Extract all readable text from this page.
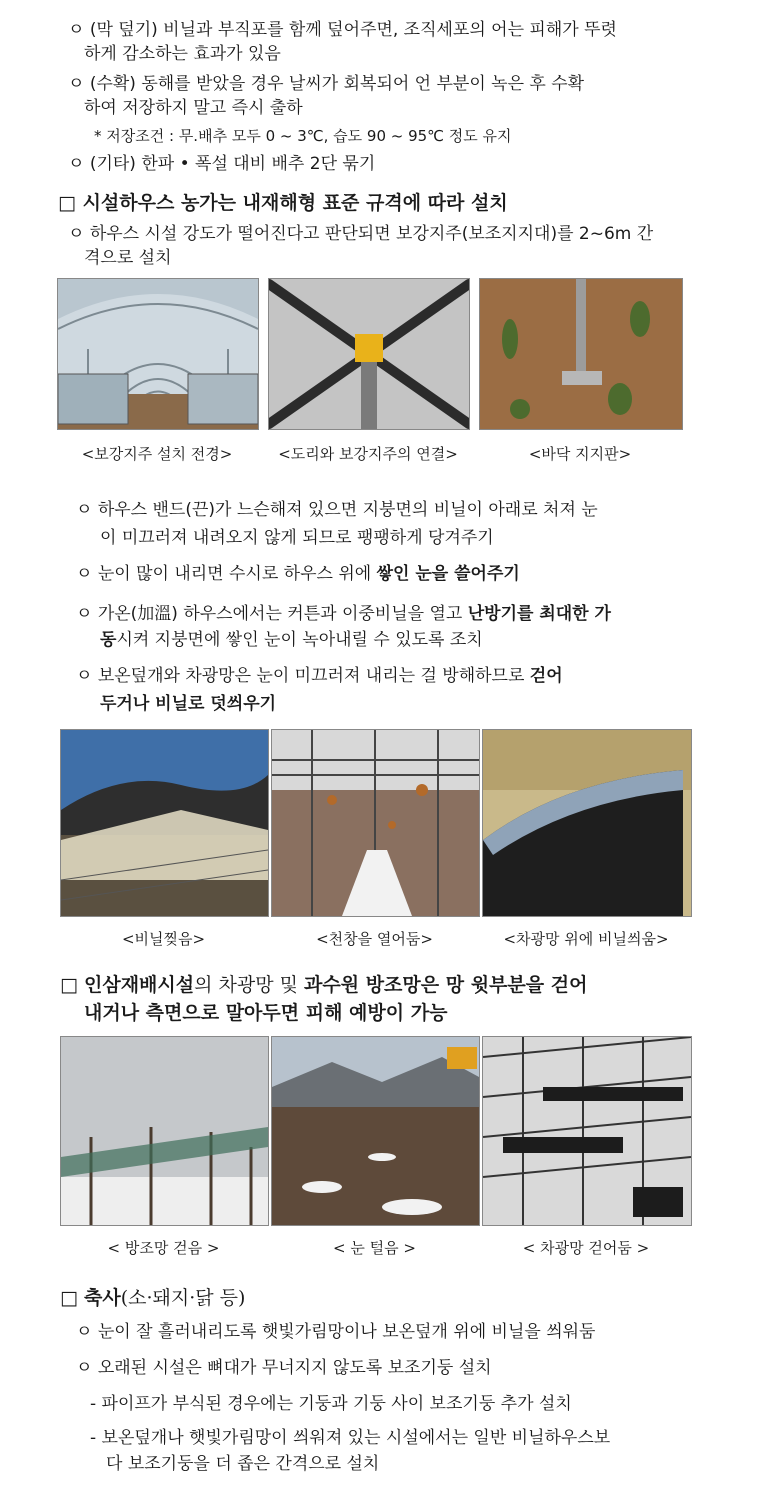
ㅇ (막 덮기) 비닐과 부직포를 함께 덮어주면, 조직세포의 어는 피해가 뚜렷
하게 감소하는 효과가 있음
ㅇ (수확) 동해를 받았을 경우 날씨가 회복되어 언 부분이 녹은 후 수확
하여 저장하지 말고 즉시 출하
* 저장조건 : 무.배추 모두 0 ~ 3℃, 습도 90 ~ 95℃ 정도 유지
ㅇ (기타) 한파 • 폭설 대비 배추 2단 묶기
□ 시설하우스 농가는 내재해형 표준 규격에 따라 설치
ㅇ 하우스 시설 강도가 떨어진다고 판단되면 보강지주(보조지지대)를 2~6m 간
격으로 설치
<보강지주 설치 전경>	<도리와 보강지주의 연결>	<바닥 지지판>
ㅇ 하우스 밴드(끈)가 느슨해져 있으면 지붕면의 비닐이 아래로 처져 눈
이 미끄러져 내려오지 않게 되므로 팽팽하게 당겨주기
ㅇ 눈이 많이 내리면 수시로 하우스 위에 쌓인 눈을 쓸어주기
ㅇ 가온(加溫) 하우스에서는 커튼과 이중비닐을 열고 난방기를 최대한 가
동시켜 지붕면에 쌓인 눈이 녹아내릴 수 있도록 조치
ㅇ 보온덮개와 차광망은 눈이 미끄러져 내리는 걸 방해하므로 걷어
두거나 비닐로 덧씌우기
<비닐찢음>	<천창을 열어둠>	<차광망 위에 비닐씌움>
□ 인삼재배시설의 차광망 및 과수원 방조망은 망 윗부분을 걷어
내거나 측면으로 말아두면 피해 예방이 가능
< 방조망 걷음 >	< 눈 털음 >	< 차광망 걷어둠 >
□ 축사(소·돼지·닭 등)
ㅇ 눈이 잘 흘러내리도록 햇빛가림망이나 보온덮개 위에 비닐을 씌워둠
ㅇ 오래된 시설은 뼈대가 무너지지 않도록 보조기둥 설치
- 파이프가 부식된 경우에는 기둥과 기둥 사이 보조기둥 추가 설치
- 보온덮개나 햇빛가림망이 씌워져 있는 시설에서는 일반 비닐하우스보
다 보조기둥을 더 좁은 간격으로 설치
